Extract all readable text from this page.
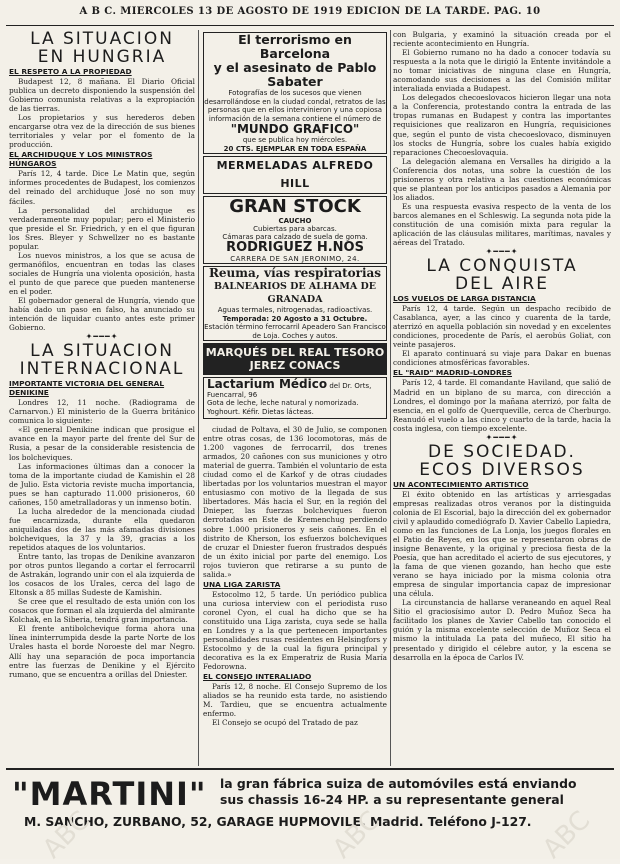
A B C. MIERCOLES 13 DE AGOSTO DE 1919 EDICION DE LA TARDE. PAG. 10
LA SITUACION
EN HUNGRIA
EL RESPETO A LA PROPIEDAD

Budapest 12, 8 mañana. El Diario Oficial publica un decreto disponiendo la suspensión del Gobierno comunista relativas a la expropiación de las tierras.

Los propietarios y sus herederos deben encargarse otra vez de la dirección de sus bienes territoriales y velar por el fomento de la producción.

EL ARCHIDUQUE Y LOS MINISTROS HÚNGAROS

París 12, 4 tarde. Dice Le Matin que, según informes procedentes de Budapest, los comienzos del reinado del archiduque José no son muy fáciles.

La personalidad del archiduque es verdaderamente muy popular; pero el Ministerio que preside el Sr. Friedrich, y en el que figuran los Sres. Bleyer y Schwellzer no es bastante popular.

Los nuevos ministros, a los que se acusa de germanófilos, encuentran en todas las clases sociales de Hungría una violenta oposición, hasta el punto de que parece que pueden mantenerse en el poder.

El gobernador general de Hungría, viendo que había dado un paso en falso, ha anunciado su intención de liquidar cuanto antes este primer Gobierno.

✦━━━✦
LA SITUACION
INTERNACIONAL
IMPORTANTE VICTORIA DEL GENERAL DENIKINE

Londres 12, 11 noche. (Radiograma de Carnarvon.) El ministerio de la Guerra británico comunica lo siguiente:

«El general Denikine indican que prosigue el avance en la mayor parte del frente del Sur de Rusia, a pesar de la considerable resistencia de los bolcheviques.

Las informaciones últimas dan a conocer la toma de la importante ciudad de Kamishin el 28 de Julio. Esta victoria reviste mucha importancia, pues se han capturado 11.000 prisioneros, 60 cañones, 150 ametralladoras y un inmenso botín.

La lucha alrededor de la mencionada ciudad fue encarnizada, durante ella quedaron aniquiladas dos de las más afamadas divisiones bolcheviques, la 37 y la 39, gracias a los repetidos ataques de los voluntarios.

Entre tanto, las tropas de Denikine avanzaron por otros puntos llegando a cortar el ferrocarril de Astrakán, logrando unir con el ala izquierda de los cosacos de los Urales, cerca del lago de Eltonsk a 85 millas Sudeste de Kamishin.

Se cree que el resultado de esta unión con los cosacos que forman el ala izquierda del almirante Kolchak, en la Siberia, tendrá gran importancia.

El frente antibolchevique forma ahora una línea ininterrumpida desde la parte Norte de los Urales hasta el borde Noroeste del mar Negro. Allí hay una separación de poca importancia entre las fuerzas de Denikine y el Ejército rumano, que se encuentra a orillas del Dniester.

El terrorismo en Barcelona
y el asesinato de Pablo Sabater
Fotografías de los sucesos que vienen desarrollándose en la ciudad condal, retratos de las personas que en ellos intervinieron y una copiosa información de la semana contiene el número de
"MUNDO GRAFICO"
que se publica hoy miércoles.
20 CTS. EJEMPLAR EN TODA ESPAÑA
MERMELADAS ALFREDO HILL
GRAN STOCK
CAUCHO
Cubiertas para abarcas.
Cámaras para calzado de suela de goma.
RODRIGUEZ H.NOS
CARRERA DE SAN JERONIMO, 24.
Reuma, vías respiratorias
BALNEARIOS DE ALHAMA DE GRANADA
Aguas termales, nitrogenadas, radioactivas.
Temporada: 20 Agosto a 31 Octubre.
Estación término ferrocarril Apeadero San Francisco de Loja. Coches y autos.
MARQUÉS DEL REAL TESORO
JEREZ CONACS
Lactarium Médico del Dr. Orts, Fuencarral, 96
Gota de leche, leche natural y nomorizada. Yoghourt. Kéfir. Dietas lácteas.

ciudad de Poltava, el 30 de Julio, se componen entre otras cosas, de 136 locomotoras, más de 1.200 vagones de ferrocarril, dos trenes armados, 20 cañones con sus municiones y otro material de guerra. También el voluntario de esta ciudad como el de Karkof y de otras ciudades libertadas por los voluntarios muestran el mayor entusiasmo con motivo de la llegada de sus libertadores. Más hacia el Sur, en la región del Dnieper, las fuerzas bolcheviques fueron derrotadas en Este de Kremenchug perdiendo sobre 1.000 prisioneros y seis cañones. En el distrito de Kherson, los esfuerzos bolcheviques de cruzar el Dniester fueron frustrados después de un éxito inicial por parte del enemigo. Los rojos tuvieron que retirarse a su punto de salida.»

UNA LIGA ZARISTA

Estocolmo 12, 5 tarde. Un periódico publica una curiosa interview con el periodista ruso coronel Cyon, el cual ha dicho que se ha constituido una Liga zarista, cuya sede se halla en Londres y a la que pertenecen importantes personalidades rusas residentes en Helsingfors y Estocolmo y de la cual la figura principal y decorativa es la ex Emperatriz de Rusia María Fedorowna.

EL CONSEJO INTERALIADO

París 12, 8 noche. El Consejo Supremo de los aliados se ha reunido esta tarde, no asistiendo M. Tardieu, que se encuentra actualmente enfermo.

El Consejo se ocupó del Tratado de paz

con Bulgaria, y examinó la situación creada por el reciente acontecimiento en Hungría.

El Gobierno rumano no ha dado a conocer todavía su respuesta a la nota que le dirigió la Entente invitándole a no tomar iniciativas de ninguna clase en Hungría, acomodando sus decisiones a las del Comisión militar interaliada enviada a Budapest.

Los delegados checoeslovacos hicieron llegar una nota a la Conferencia, protestando contra la entrada de las tropas rumanas en Budapest y contra las importantes requisiciones que realizaron en Hungría, requisiciones que, según el punto de vista checoeslovaco, disminuyen los stocks de Hungría, sobre los cuales había exigido reparaciones Checoeslovaquia.

La delegación alemana en Versalles ha dirigido a la Conferencia dos notas, una sobre la cuestión de los prisioneros y otra relativa a las cuestiones económicas que se plantean por los anticipos pasados a Alemania por los aliados.

Es una respuesta evasiva respecto de la venta de los barcos alemanes en el Schleswig. La segunda nota pide la constitución de una comisión mixta para regular la aplicación de las cláusulas militares, marítimas, navales y aéreas del Tratado.

✦━━━✦
LA CONQUISTA
DEL AIRE
LOS VUELOS DE LARGA DISTANCIA

París 12, 4 tarde. Según un despacho recibido de Casablanca, ayer, a las cinco y cuarenta de la tarde, aterrizó en aquella población sin novedad y en excelentes condiciones, procedente de París, el aerobús Goliat, con veinte pasajeros.

El aparato continuará su viaje para Dakar en buenas condiciones atmosféricas favorables.

EL "RAID" MADRID-LONDRES

París 12, 4 tarde. El comandante Haviland, que salió de Madrid en un biplano de su marca, con dirección a Londres, el domingo por la mañana aterrizó, por falta de esencia, en el golfo de Querqueville, cerca de Cherburgo. Reanudó el vuelo a las cinco y cuarto de la tarde, hacia la costa inglesa, con tiempo excelente.

✦━━━✦
DE SOCIEDAD.
ECOS DIVERSOS
UN ACONTECIMIENTO ARTISTICO

El éxito obtenido en las artísticas y arriesgadas empresas realizadas otros veranos por la distinguida colonia de El Escorial, bajo la dirección del ex gobernador civil y aplaudido comediógrafo D. Xavier Cabello Lapiedra, como en las funciones de La Lonja, los juegos florales en el Patio de Reyes, en los que se representaron obras de insigne Benavente, y la original y preciosa fiesta de la Poesía, que han acreditado el acierto de sus ejecutores, y la fama de que vienen gozando, han hecho que este verano se haya iniciado por la misma colonia otra empresa de singular importancia capaz de impresionar una célula.

La circunstancia de hallarse veraneando en aquel Real Sitio el graciosísimo autor D. Pedro Muñoz Seca ha facilitado los planes de Xavier Cabello tan conocido el guión y la misma excelente selección de Muñoz Seca el mismo la intitulada La pata del muñeco, El sitio ha presentado y dirigido el célebre autor, y la escena se desarrolla en la época de Carlos IV.

"MARTINI" la gran fábrica suiza de automóviles está enviando
sus chassis 16-24 HP. a su representante general
M. SANCHO, ZURBANO, 52, GARAGE HUPMOVILE. Madrid. Teléfono J-127.
ABC	ABC	ABC
